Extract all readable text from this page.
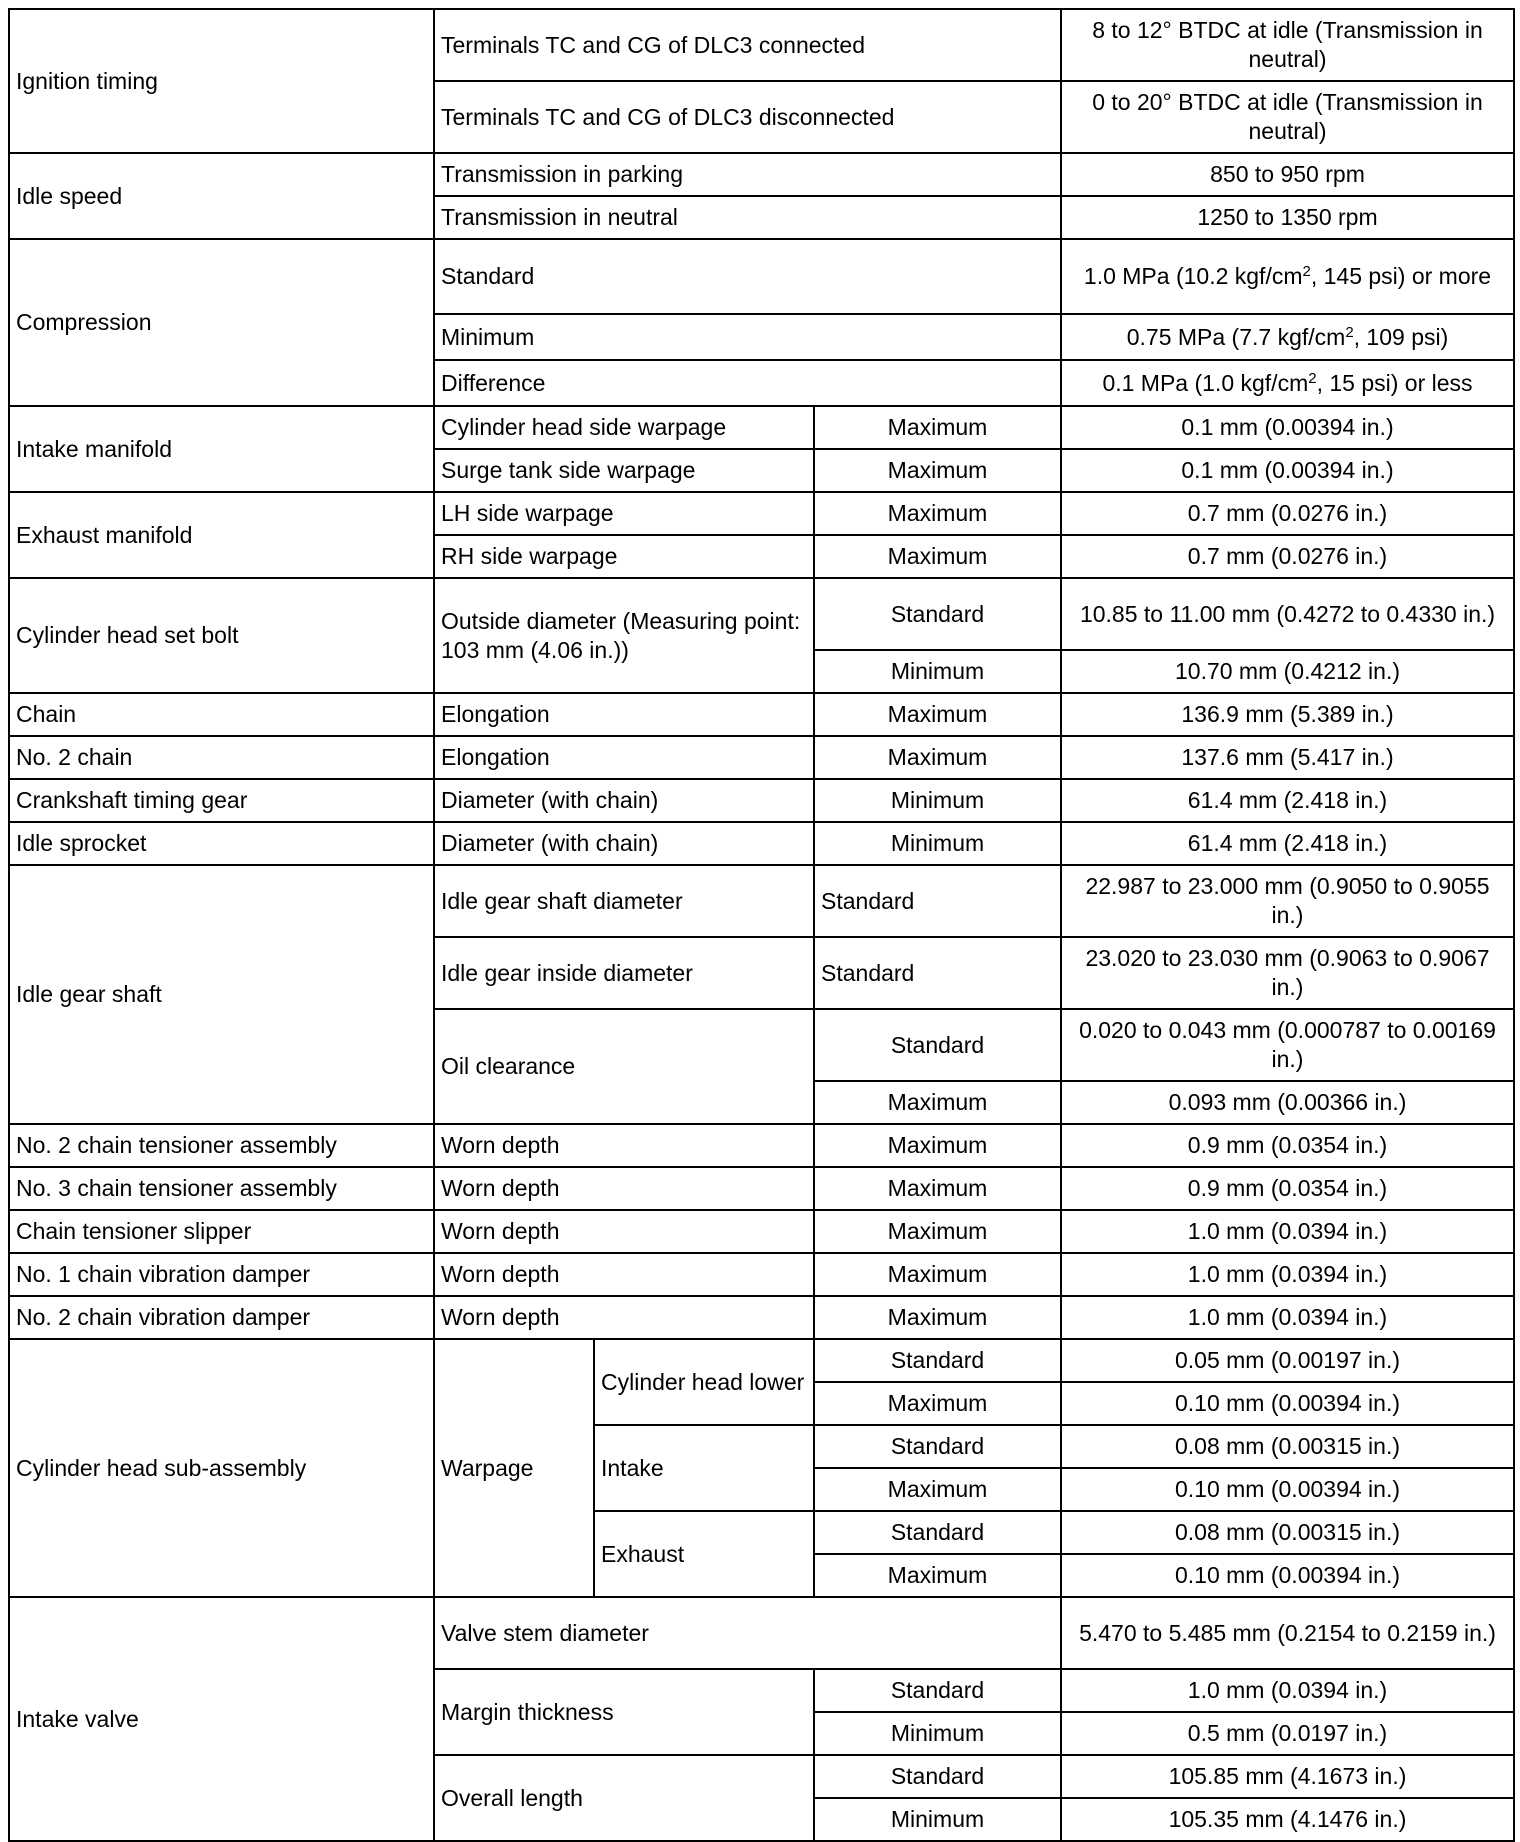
Ignition timing	Terminals TC and CG of DLC3 connected			8 to 12° BTDC at idle (Transmission in neutral)
	Terminals TC and CG of DLC3 disconnected			0 to 20° BTDC at idle (Transmission in neutral)
Idle speed	Transmission in parking			850 to 950 rpm
	Transmission in neutral			1250 to 1350 rpm
Compression	Standard			1.0 MPa (10.2 kgf/$cm^2$, 145 psi) or more
	Minimum			0.75 MPa (7.7 kgf/$cm^2$, 109 psi)
	Difference			0.1 MPa (1.0 kgf/$cm^2$, 15 psi) or less
Intake manifold	Cylinder head side warpage		Maximum	0.1 mm (0.00394 in.)
	Surge tank side warpage		Maximum	0.1 mm (0.00394 in.)
Exhaust manifold	LH side warpage		Maximum	0.7 mm (0.0276 in.)
	RH side warpage		Maximum	0.7 mm (0.0276 in.)
Cylinder head set bolt	Outside diameter (Measuring point: 103 mm (4.06 in.))		Standard	10.85 to 11.00 mm (0.4272 to 0.4330 in.)
			Minimum	10.70 mm (0.4212 in.)
Chain	Elongation		Maximum	136.9 mm (5.389 in.)
No. 2 chain	Elongation		Maximum	137.6 mm (5.417 in.)
Crankshaft timing gear	Diameter (with chain)		Minimum	61.4 mm (2.418 in.)
Idle sprocket	Diameter (with chain)		Minimum	61.4 mm (2.418 in.)
Idle gear shaft	Idle gear shaft diameter		Standard	22.987 to 23.000 mm (0.9050 to 0.9055 in.)
	Idle gear inside diameter		Standard	23.020 to 23.030 mm (0.9063 to 0.9067 in.)
	Oil clearance		Standard	0.020 to 0.043 mm (0.000787 to 0.00169 in.)
			Maximum	0.093 mm (0.00366 in.)
No. 2 chain tensioner assembly	Worn depth		Maximum	0.9 mm (0.0354 in.)
No. 3 chain tensioner assembly	Worn depth		Maximum	0.9 mm (0.0354 in.)
Chain tensioner slipper	Worn depth		Maximum	1.0 mm (0.0394 in.)
No. 1 chain vibration damper	Worn depth		Maximum	1.0 mm (0.0394 in.)
No. 2 chain vibration damper	Worn depth		Maximum	1.0 mm (0.0394 in.)
Cylinder head sub-assembly	Warpage	Cylinder head lower	Standard	0.05 mm (0.00197 in.)
			Maximum	0.10 mm (0.00394 in.)
		Intake	Standard	0.08 mm (0.00315 in.)
			Maximum	0.10 mm (0.00394 in.)
		Exhaust	Standard	0.08 mm (0.00315 in.)
			Maximum	0.10 mm (0.00394 in.)
Intake valve	Valve stem diameter			5.470 to 5.485 mm (0.2154 to 0.2159 in.)
	Margin thickness		Standard	1.0 mm (0.0394 in.)
			Minimum	0.5 mm (0.0197 in.)
	Overall length		Standard	105.85 mm (4.1673 in.)
			Minimum	105.35 mm (4.1476 in.)
